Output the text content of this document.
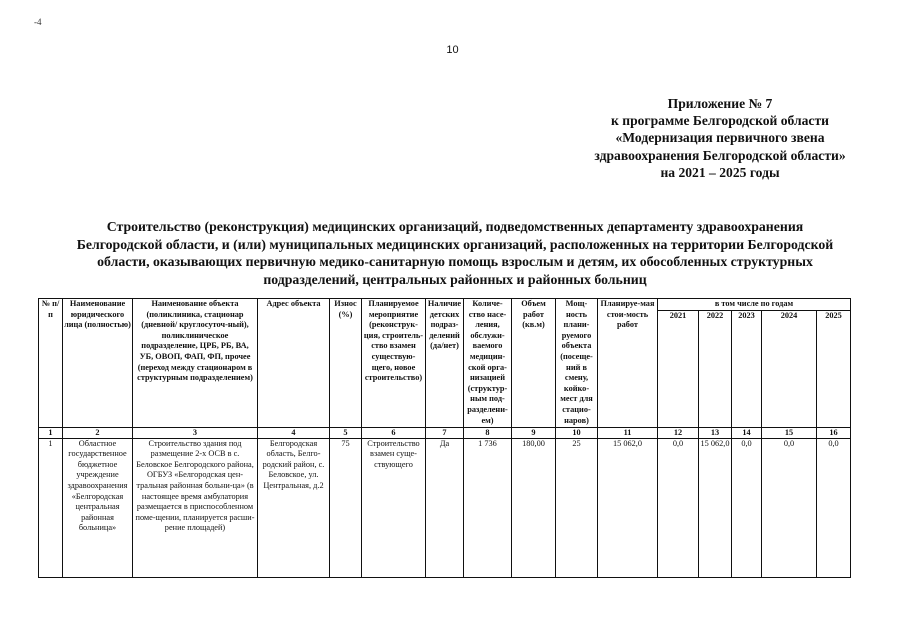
-4
10
Приложение № 7
к программе Белгородской области
«Модернизация первичного звена
здравоохранения Белгородской области»
на 2021 – 2025 годы
Строительство (реконструкция) медицинских организаций, подведомственных департаменту здравоохранения
Белгородской области, и (или) муниципальных медицинских организаций, расположенных на территории Белгородской
области, оказывающих первичную медико-санитарную помощь взрослым и детям, их обособленных структурных
подразделений, центральных районных и районных больниц
№ п/п	Наименование юридического лица (полностью)	Наименование объекта (поликлиника, стационар (дневной/ круглосуточ-ный), поликлиническое подразделение, ЦРБ, РБ, ВА, УБ, ОВОП, ФАП, ФП, прочее (переход между стационаром в структурным подразделением)	Адрес объекта	Износ (%)	Планируемое мероприятие (реконструк-ция, строитель-ство взамен существую-щего, новое строительство)	Наличие детских подраз-делений (да/нет)	Количе-ство насе-ления, обслужи-ваемого медицин-ской орга-низацией (структур-ным под-разделени-ем)	Объем работ (кв.м)	Мощ-ность плани-руемого объекта (посеще-ний в смену, койко-мест для стацио-наров)	Планируе-мая стои-мость работ	в том числе по годам				
											2021	2022	2023	2024	2025
1	2	3	4	5	6	7	8	9	10	11	12	13	14	15	16
1	Областное государственное бюджетное учреждение здравоохранения «Белгородская центральная районная больница»	Строительство здания под размещение 2-х ОСВ в с. Беловское Белгородского района, ОГБУЗ «Белгородская цен-тральная районная больни-ца» (в настоящее время амбулатория размещается в приспособленном поме-щении, планируется расши-рение площадей)	Белгородская область, Белго-родский район, с. Беловское, ул. Центральная, д.2	75	Строительство взамен суще-ствующего	Да	1 736	180,00	25	15 062,0	0,0	15 062,0	0,0	0,0	0,0
